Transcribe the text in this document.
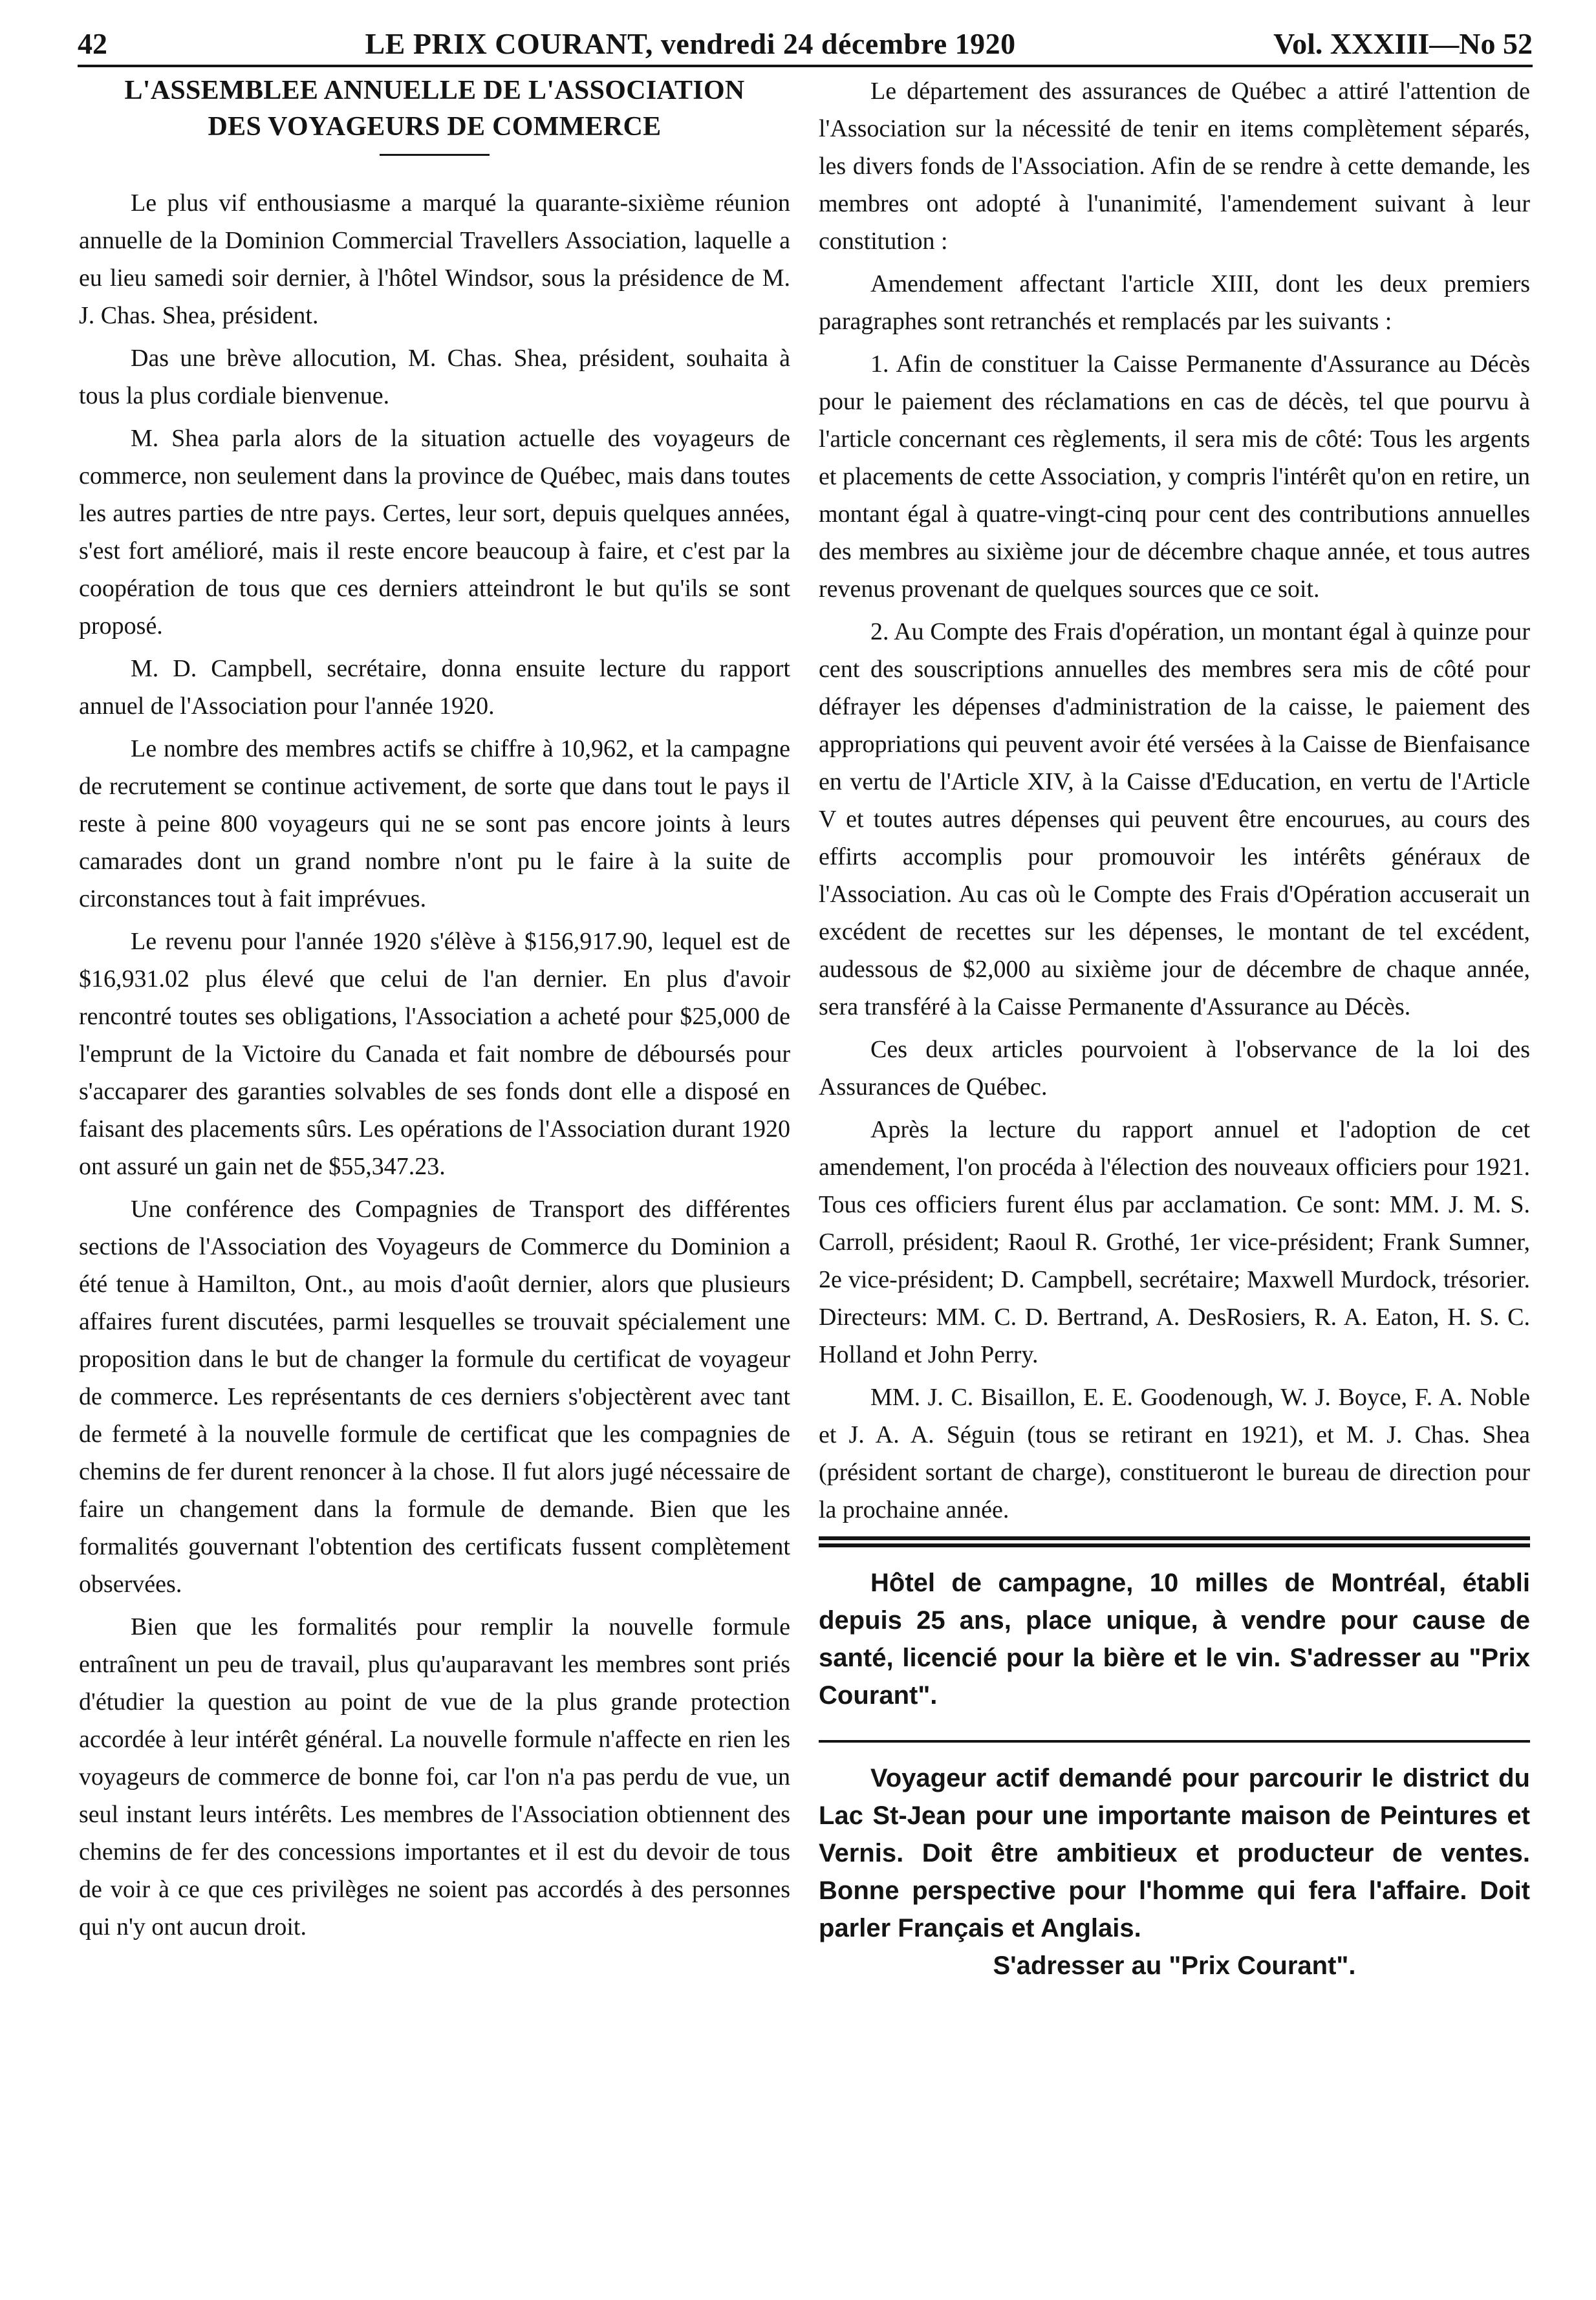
42	LE PRIX COURANT, vendredi 24 décembre 1920	Vol. XXXIII—No 52
L'ASSEMBLEE ANNUELLE DE L'ASSOCIATION
DES VOYAGEURS DE COMMERCE

Le plus vif enthousiasme a marqué la quarante-sixième réunion annuelle de la Dominion Commercial Travellers Association, laquelle a eu lieu samedi soir dernier, à l'hôtel Windsor, sous la présidence de M. J. Chas. Shea, président.

Das une brève allocution, M. Chas. Shea, président, souhaita à tous la plus cordiale bienvenue.

M. Shea parla alors de la situation actuelle des voyageurs de commerce, non seulement dans la province de Québec, mais dans toutes les autres parties de ntre pays. Certes, leur sort, depuis quelques années, s'est fort amélioré, mais il reste encore beaucoup à faire, et c'est par la coopération de tous que ces derniers atteindront le but qu'ils se sont proposé.

M. D. Campbell, secrétaire, donna ensuite lecture du rapport annuel de l'Association pour l'année 1920.

Le nombre des membres actifs se chiffre à 10,962, et la campagne de recrutement se continue activement, de sorte que dans tout le pays il reste à peine 800 voyageurs qui ne se sont pas encore joints à leurs camarades dont un grand nombre n'ont pu le faire à la suite de circonstances tout à fait imprévues.

Le revenu pour l'année 1920 s'élève à $156,917.90, lequel est de $16,931.02 plus élevé que celui de l'an dernier. En plus d'avoir rencontré toutes ses obligations, l'Association a acheté pour $25,000 de l'emprunt de la Victoire du Canada et fait nombre de déboursés pour s'accaparer des garanties solvables de ses fonds dont elle a disposé en faisant des placements sûrs. Les opérations de l'Association durant 1920 ont assuré un gain net de $55,347.23.

Une conférence des Compagnies de Transport des différentes sections de l'Association des Voyageurs de Commerce du Dominion a été tenue à Hamilton, Ont., au mois d'août dernier, alors que plusieurs affaires furent discutées, parmi lesquelles se trouvait spécialement une proposition dans le but de changer la formule du certificat de voyageur de commerce. Les représentants de ces derniers s'objectèrent avec tant de fermeté à la nouvelle formule de certificat que les compagnies de chemins de fer durent renoncer à la chose. Il fut alors jugé nécessaire de faire un changement dans la formule de demande. Bien que les formalités gouvernant l'obtention des certificats fussent complètement observées.

Bien que les formalités pour remplir la nouvelle formule entraînent un peu de travail, plus qu'auparavant les membres sont priés d'étudier la question au point de vue de la plus grande protection accordée à leur intérêt général. La nouvelle formule n'affecte en rien les voyageurs de commerce de bonne foi, car l'on n'a pas perdu de vue, un seul instant leurs intérêts. Les membres de l'Association obtiennent des chemins de fer des concessions importantes et il est du devoir de tous de voir à ce que ces privilèges ne soient pas accordés à des personnes qui n'y ont aucun droit.

Le département des assurances de Québec a attiré l'attention de l'Association sur la nécessité de tenir en items complètement séparés, les divers fonds de l'Association. Afin de se rendre à cette demande, les membres ont adopté à l'unanimité, l'amendement suivant à leur constitution :

Amendement affectant l'article XIII, dont les deux premiers paragraphes sont retranchés et remplacés par les suivants :

1. Afin de constituer la Caisse Permanente d'Assurance au Décès pour le paiement des réclamations en cas de décès, tel que pourvu à l'article concernant ces règlements, il sera mis de côté: Tous les argents et placements de cette Association, y compris l'intérêt qu'on en retire, un montant égal à quatre-vingt-cinq pour cent des contributions annuelles des membres au sixième jour de décembre chaque année, et tous autres revenus provenant de quelques sources que ce soit.

2. Au Compte des Frais d'opération, un montant égal à quinze pour cent des souscriptions annuelles des membres sera mis de côté pour défrayer les dépenses d'administration de la caisse, le paiement des appropriations qui peuvent avoir été versées à la Caisse de Bienfaisance en vertu de l'Article XIV, à la Caisse d'Education, en vertu de l'Article V et toutes autres dépenses qui peuvent être encourues, au cours des effirts accomplis pour promouvoir les intérêts généraux de l'Association. Au cas où le Compte des Frais d'Opération accuserait un excédent de recettes sur les dépenses, le montant de tel excédent, audessous de $2,000 au sixième jour de décembre de chaque année, sera transféré à la Caisse Permanente d'Assurance au Décès.

Ces deux articles pourvoient à l'observance de la loi des Assurances de Québec.

Après la lecture du rapport annuel et l'adoption de cet amendement, l'on procéda à l'élection des nouveaux officiers pour 1921. Tous ces officiers furent élus par acclamation. Ce sont: MM. J. M. S. Carroll, président; Raoul R. Grothé, 1er vice-président; Frank Sumner, 2e vice-président; D. Campbell, secrétaire; Maxwell Murdock, trésorier. Directeurs: MM. C. D. Bertrand, A. DesRosiers, R. A. Eaton, H. S. C. Holland et John Perry.

MM. J. C. Bisaillon, E. E. Goodenough, W. J. Boyce, F. A. Noble et J. A. A. Séguin (tous se retirant en 1921), et M. J. Chas. Shea (président sortant de charge), constitueront le bureau de direction pour la prochaine année.

Hôtel de campagne, 10 milles de Montréal, établi depuis 25 ans, place unique, à vendre pour cause de santé, licencié pour la bière et le vin. S'adresser au "Prix Courant".

Voyageur actif demandé pour parcourir le district du Lac St-Jean pour une importante maison de Peintures et Vernis. Doit être ambitieux et producteur de ventes. Bonne perspective pour l'homme qui fera l'affaire. Doit parler Français et Anglais.
S'adresser au "Prix Courant".
